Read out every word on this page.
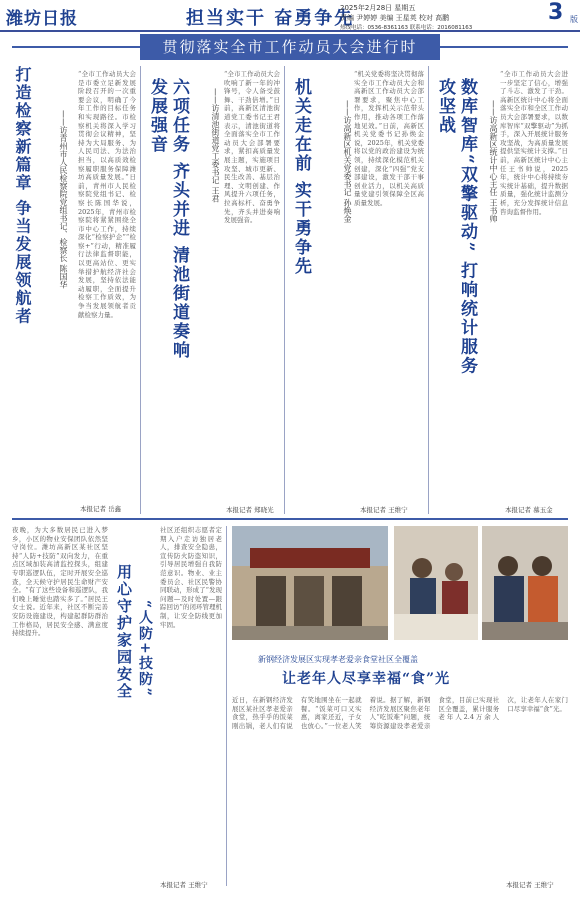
潍坊日报	担当实干 奋勇争先
2025年2月28日 星期五
责编 尹婷婷 美编 王星英 校对 高鹏
热线电话：0536-8361163 联系电话：2016081163
3 版
贯彻落实全市工作动员大会进行时
打造检察新篇章 争当发展领航者	——访青州市人民检察院党组书记、检察长 陈国华
“全市工作动员大会是市委立足新发展阶段召开的一次重要会议，明确了今年工作的目标任务和实现路径。市检察机关将深入学习贯彻会议精神，坚持为大局服务、为人民司法、为法治担当，以高质效检察履职服务保障潍坊高质量发展。”日前，青州市人民检察院党组书记、检察长陈国华说，2025年，青州市检察院将紧紧围绕全市中心工作，持续深化“检察护企”“检察+”行动，精准履行法律监督职能，以更高站位、更实举措护航经济社会发展，坚持依法能动履职，全面提升检察工作质效，为争当发展领航者贡献检察力量。
本报记者 岳鑫
六项任务 齐头并进 清池街道奏响发展强音	——访清池街道党工委书记 王君
“全市工作动员大会吹响了新一年的冲锋号，令人备受鼓舞、干劲倍增。”日前，高新区清池街道党工委书记王君表示，清池街道将全面落实全市工作动员大会部署要求，紧扣高质量发展主题，实施项目攻坚、城市更新、民生改善、基层治理、文明创建、作风提升六项任务，拉高标杆、奋勇争先，齐头并进奏响发展强音。
本报记者 郑晓光
机关走在前 实干勇争先	——访高新区机关党委书记 孙焕金
“机关党委将坚决贯彻落实全市工作动员大会和高新区工作动员大会部署要求，聚焦中心工作，发挥机关示范带头作用，推动各项工作落地见效。”日前，高新区机关党委书记孙焕金说，2025年，机关党委将以党的政治建设为统领，持续深化模范机关创建，深化“四强”党支部建设，激发干部干事创业活力，以机关高质量党建引领保障全区高质量发展。
本报记者 王维宁
数库智库“双擎驱动” 打响统计服务攻坚战	——访高新区统计中心主任 王书帅
“全市工作动员大会进一步坚定了信心，增强了斗志、激发了干劲。高新区统计中心将全面落实全市和全区工作动员大会部署要求，以数库智库“双擎驱动”为抓手，深入开展统计服务攻坚战，为高质量发展提供坚实统计支撑。”日前，高新区统计中心主任王书帅说，2025年，统计中心将持续夯实统计基础，提升数据质量，强化统计监测分析，充分发挥统计信息咨询监督作用。
本报记者 慕玉金
夜晚，为大多数居民已进入梦乡，小区的物业安保团队依然坚守岗位。潍坊高新区某社区坚持“人防+技防”双向发力，在重点区域加装高清监控探头，组建专职巡逻队伍，定时开展安全巡查，全天候守护居民生命财产安全。“有了这些设备和巡逻队，我们晚上睡觉也踏实多了。”居民王女士说。近年来，社区不断完善安防设施建设，构建起群防群治工作格局，居民安全感、满意度持续提升。	用心守护家园安全 “人防+技防”
社区还组织志愿者定期入户走访独居老人，排查安全隐患，宣传防火防盗知识，引导居民增强自我防范意识。物业、业主委员会、社区民警协同联动，形成了“发现问题—及时处置—跟踪回访”的闭环管理机制，让安全防线更加牢固。
本报记者 王维宁
新钢经济发展区实现孝老爱亲食堂社区全覆盖
让老年人尽享幸福“食”光
近日，在新钢经济发展区某社区孝老爱亲食堂，热乎乎的饭菜刚出锅，老人们有说有笑地围坐在一起就餐。“饭菜可口又实惠，离家还近，子女也放心。”一位老人笑着说。据了解，新钢经济发展区聚焦老年人“吃饭难”问题，统筹资源建设孝老爱亲食堂，目前已实现社区全覆盖，累计服务老年人2.4万余人次，让老年人在家门口尽享幸福“食”光。
本报记者 王维宁
